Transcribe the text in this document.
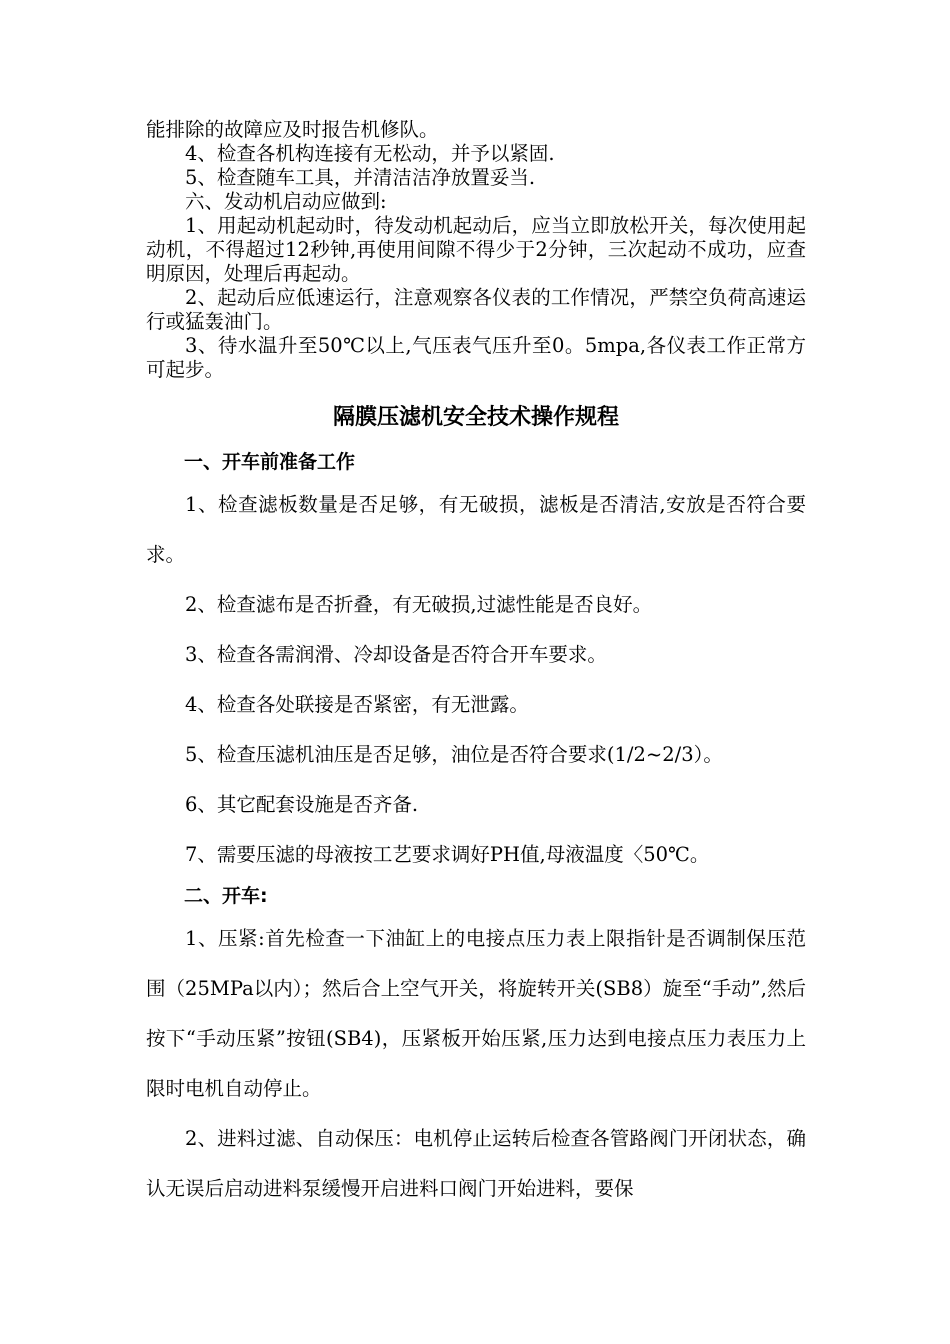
能排除的故障应及时报告机修队。

4、检查各机构连接有无松动，并予以紧固.

5、检查随车工具，并清洁洁净放置妥当.

六、发动机启动应做到:

1、用起动机起动时，待发动机起动后，应当立即放松开关，每次使用起动机，不得超过12秒钟,再使用间隙不得少于2分钟，三次起动不成功，应查明原因，处理后再起动。

2、起动后应低速运行，注意观察各仪表的工作情况，严禁空负荷高速运行或猛轰油门。

3、待水温升至50℃以上,气压表气压升至0。5mpa,各仪表工作正常方可起步。

隔膜压滤机安全技术操作规程
一、开车前准备工作

1、检查滤板数量是否足够，有无破损，滤板是否清洁,安放是否符合要求。

2、检查滤布是否折叠，有无破损,过滤性能是否良好。

3、检查各需润滑、冷却设备是否符合开车要求。

4、检查各处联接是否紧密，有无泄露。

5、检查压滤机油压是否足够，油位是否符合要求(1/2~2/3）。

6、其它配套设施是否齐备.

7、需要压滤的母液按工艺要求调好PH值,母液温度〈50℃。

二、开车:

1、压紧:首先检查一下油缸上的电接点压力表上限指针是否调制保压范围（25MPa以内）；然后合上空气开关，将旋转开关(SB8）旋至“手动”,然后按下“手动压紧”按钮(SB4)，压紧板开始压紧,压力达到电接点压力表压力上限时电机自动停止。

2、进料过滤、自动保压：电机停止运转后检查各管路阀门开闭状态，确认无误后启动进料泵缓慢开启进料口阀门开始进料，要保
